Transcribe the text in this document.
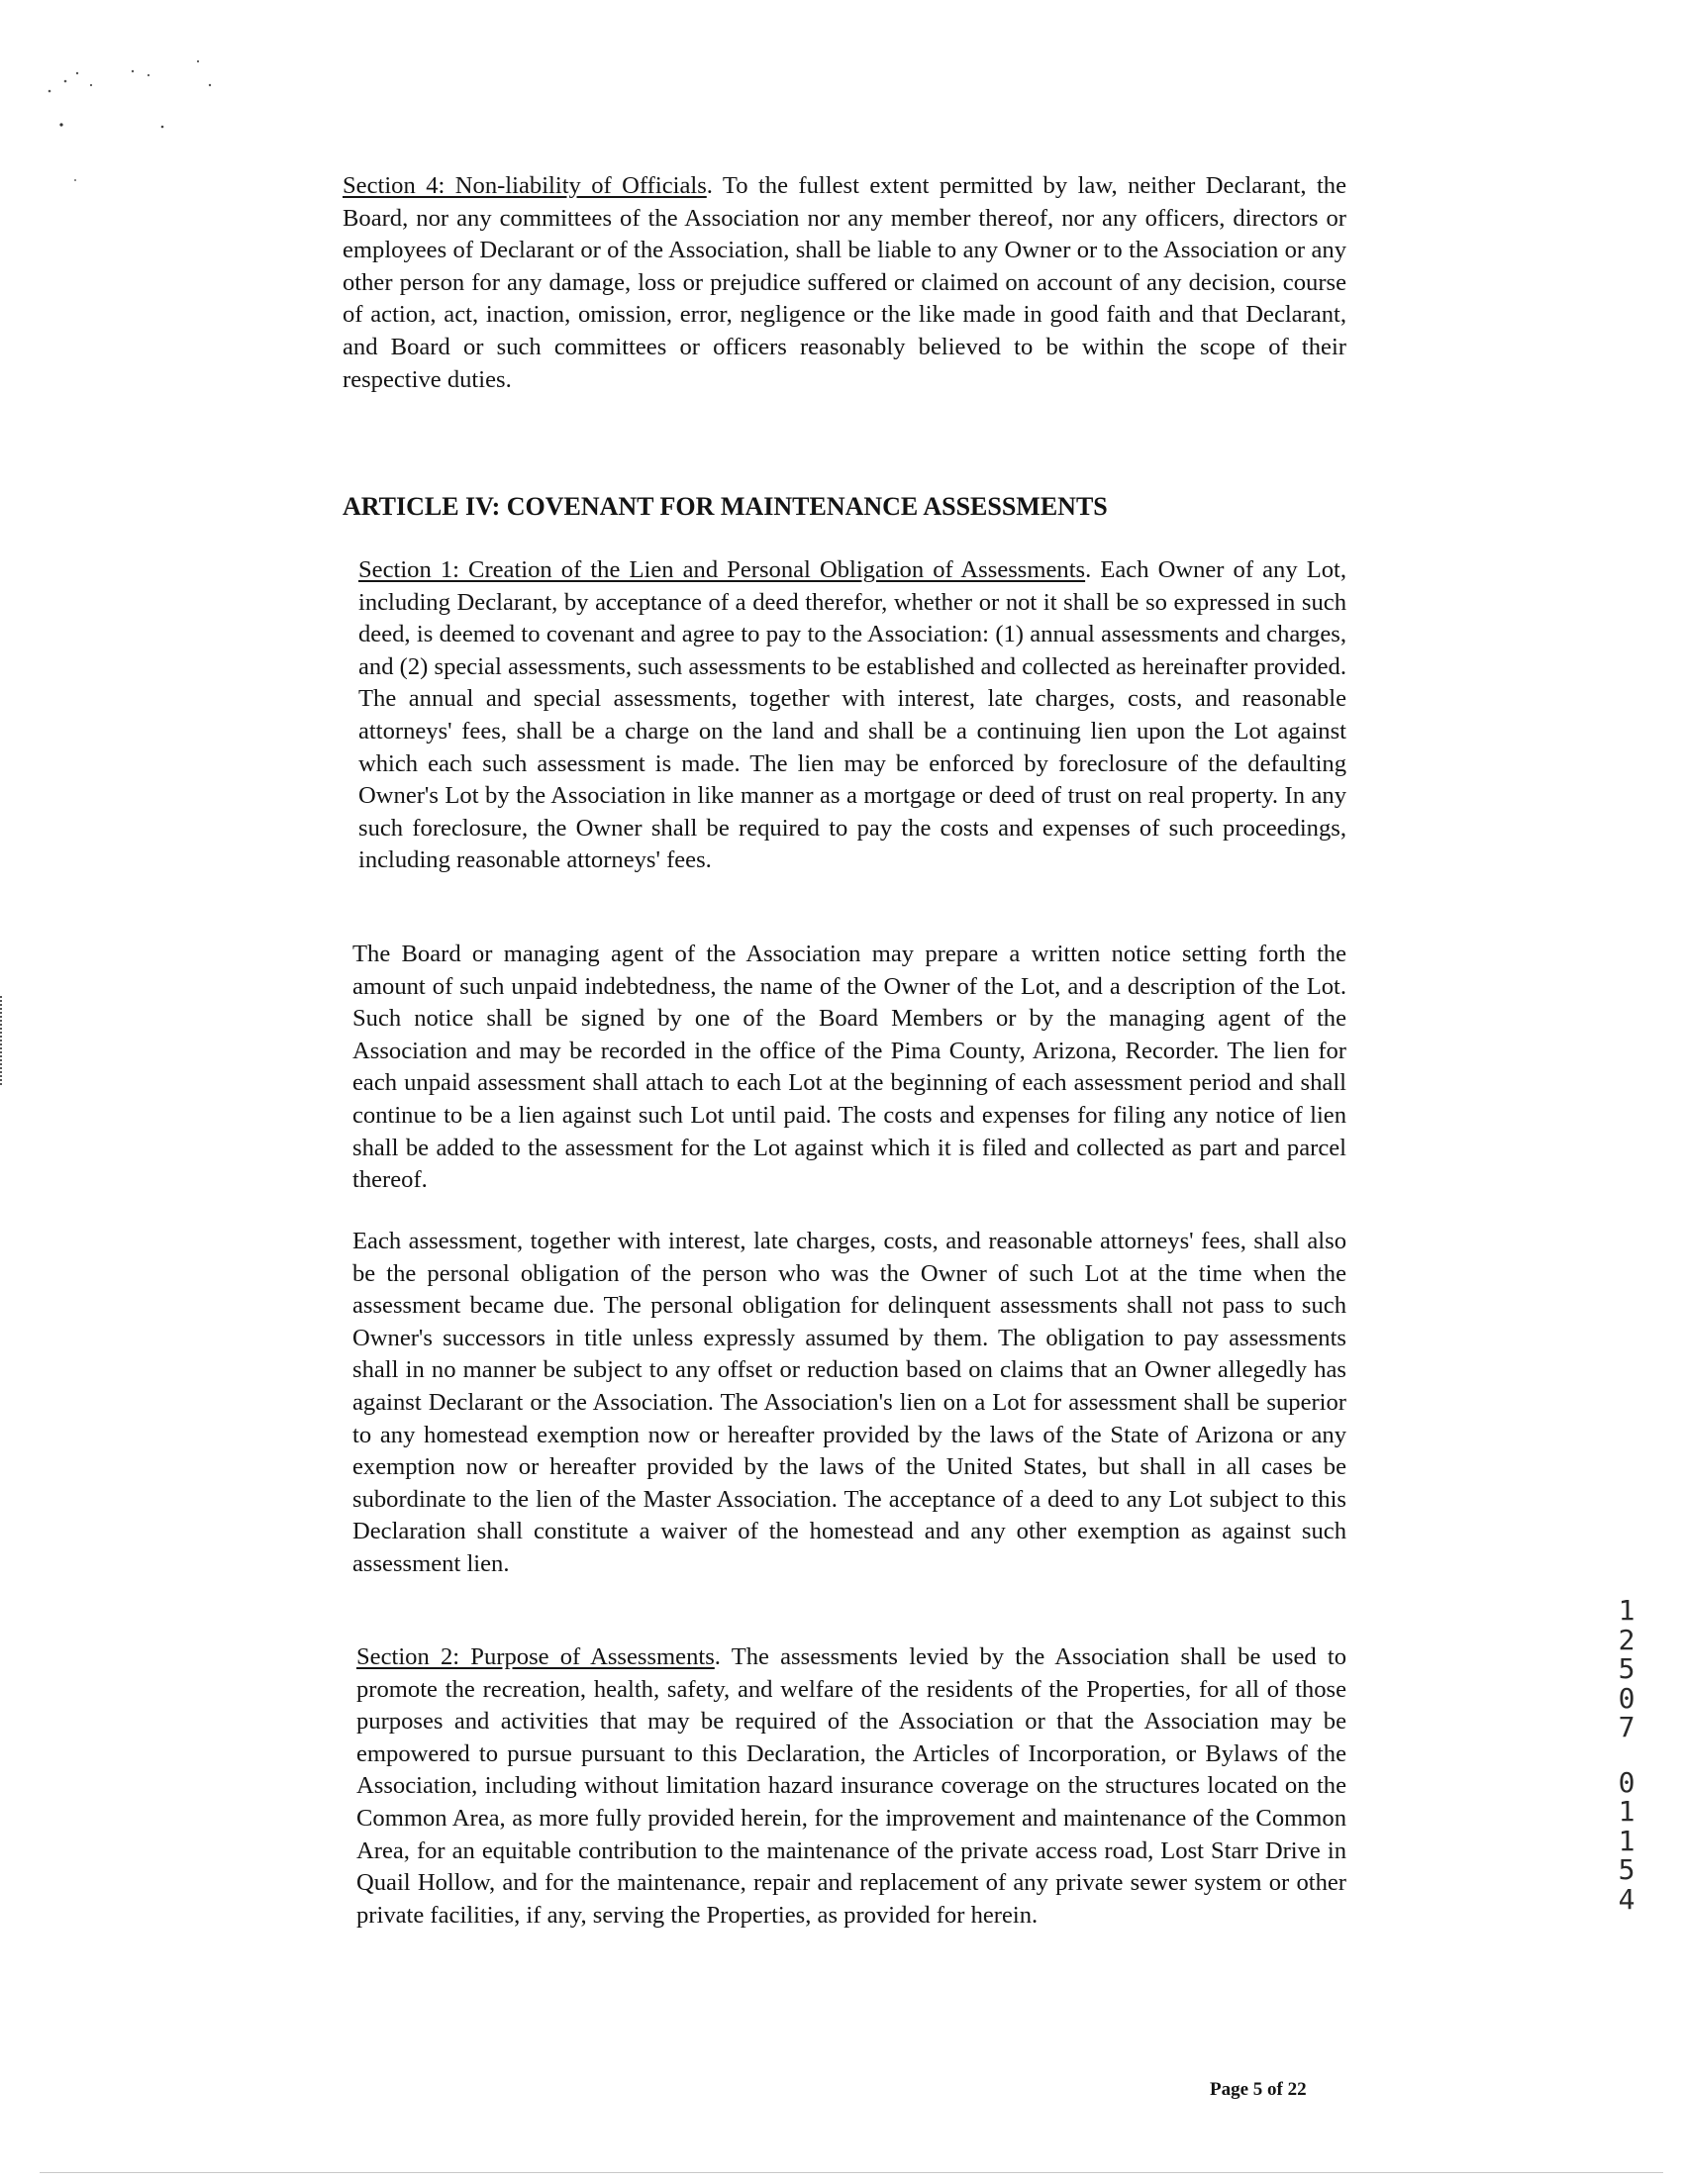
Section 4: Non-liability of Officials. To the fullest extent permitted by law, neither Declarant, the Board, nor any committees of the Association nor any member thereof, nor any officers, directors or employees of Declarant or of the Association, shall be liable to any Owner or to the Association or any other person for any damage, loss or prejudice suffered or claimed on account of any decision, course of action, act, inaction, omission, error, negligence or the like made in good faith and that Declarant, and Board or such committees or officers reasonably believed to be within the scope of their respective duties.

ARTICLE IV: COVENANT FOR MAINTENANCE ASSESSMENTS

Section 1: Creation of the Lien and Personal Obligation of Assessments. Each Owner of any Lot, including Declarant, by acceptance of a deed therefor, whether or not it shall be so expressed in such deed, is deemed to covenant and agree to pay to the Association: (1) annual assessments and charges, and (2) special assessments, such assessments to be established and collected as hereinafter provided. The annual and special assessments, together with interest, late charges, costs, and reasonable attorneys' fees, shall be a charge on the land and shall be a continuing lien upon the Lot against which each such assessment is made. The lien may be enforced by foreclosure of the defaulting Owner's Lot by the Association in like manner as a mortgage or deed of trust on real property. In any such foreclosure, the Owner shall be required to pay the costs and expenses of such proceedings, including reasonable attorneys' fees.

The Board or managing agent of the Association may prepare a written notice setting forth the amount of such unpaid indebtedness, the name of the Owner of the Lot, and a description of the Lot. Such notice shall be signed by one of the Board Members or by the managing agent of the Association and may be recorded in the office of the Pima County, Arizona, Recorder. The lien for each unpaid assessment shall attach to each Lot at the beginning of each assessment period and shall continue to be a lien against such Lot until paid. The costs and expenses for filing any notice of lien shall be added to the assessment for the Lot against which it is filed and collected as part and parcel thereof.

Each assessment, together with interest, late charges, costs, and reasonable attorneys' fees, shall also be the personal obligation of the person who was the Owner of such Lot at the time when the assessment became due. The personal obligation for delinquent assessments shall not pass to such Owner's successors in title unless expressly assumed by them. The obligation to pay assessments shall in no manner be subject to any offset or reduction based on claims that an Owner allegedly has against Declarant or the Association. The Association's lien on a Lot for assessment shall be superior to any homestead exemption now or hereafter provided by the laws of the State of Arizona or any exemption now or hereafter provided by the laws of the United States, but shall in all cases be subordinate to the lien of the Master Association. The acceptance of a deed to any Lot subject to this Declaration shall constitute a waiver of the homestead and any other exemption as against such assessment lien.

Section 2: Purpose of Assessments. The assessments levied by the Association shall be used to promote the recreation, health, safety, and welfare of the residents of the Properties, for all of those purposes and activities that may be required of the Association or that the Association may be empowered to pursue pursuant to this Declaration, the Articles of Incorporation, or Bylaws of the Association, including without limitation hazard insurance coverage on the structures located on the Common Area, as more fully provided herein, for the improvement and maintenance of the Common Area, for an equitable contribution to the maintenance of the private access road, Lost Starr Drive in Quail Hollow, and for the maintenance, repair and replacement of any private sewer system or other private facilities, if any, serving the Properties, as provided for herein.

1
2
5
0
7
0
1
1
5
4
Page 5 of 22
